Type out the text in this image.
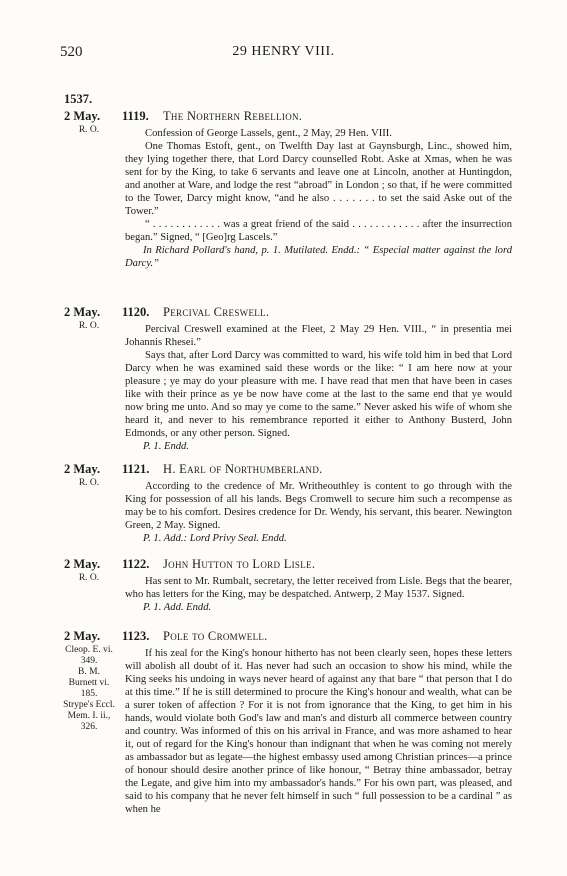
520	29 HENRY VIII.
1537.
2 May.
R. O.
1119. The Northern Rebellion.

Confession of George Lassels, gent., 2 May, 29 Hen. VIII.

One Thomas Estoft, gent., on Twelfth Day last at Gaynsburgh, Linc., showed him, they lying together there, that Lord Darcy counselled Robt. Aske at Xmas, when he was sent for by the King, to take 6 servants and leave one at Lincoln, another at Huntingdon, and another at Ware, and lodge the rest “abroad” in London ; so that, if he were committed to the Tower, Darcy might know, “and he also . . . . . . . to set the said Aske out of the Tower.”

“ . . . . . . . . . . . . was a great friend of the said . . . . . . . . . . . . after the insurrection began.” Signed, “ [Geo]rg Lascels.”

In Richard Pollard's hand, p. 1. Mutilated. Endd.: “ Especial matter against the lord Darcy.”

2 May.
R. O.
1120. Percival Creswell.

Percival Creswell examined at the Fleet, 2 May 29 Hen. VIII., “ in presentia mei Johannis Rhesei.”

Says that, after Lord Darcy was committed to ward, his wife told him in bed that Lord Darcy when he was examined said these words or the like: “ I am here now at your pleasure ; ye may do your pleasure with me. I have read that men that have been in cases like with their prince as ye be now have come at the last to the same end that ye would now bring me unto. And so may ye come to the same.” Never asked his wife of whom she heard it, and never to his remembrance reported it either to Anthony Busterd, John Edmonds, or any other person. Signed.

P. 1. Endd.

2 May.
R. O.
1121. H. Earl of Northumberland.

According to the credence of Mr. Writheouthley is content to go through with the King for possession of all his lands. Begs Cromwell to secure him such a recompense as may be to his comfort. Desires credence for Dr. Wendy, his servant, this bearer. Newington Green, 2 May. Signed.

P. 1. Add.: Lord Privy Seal. Endd.

2 May.
R. O.
1122. John Hutton to Lord Lisle.

Has sent to Mr. Rumbalt, secretary, the letter received from Lisle. Begs that the bearer, who has letters for the King, may be despatched. Antwerp, 2 May 1537. Signed.

P. 1. Add. Endd.

2 May.
Cleop. E. vi.
349.
B. M.
Burnett vi.
185.
Strype's Eccl.
Mem. I. ii.,
326.
1123. Pole to Cromwell.

If his zeal for the King's honour hitherto has not been clearly seen, hopes these letters will abolish all doubt of it. Has never had such an occasion to show his mind, while the King seeks his undoing in ways never heard of against any that bare “ that person that I do at this time.” If he is still determined to procure the King's honour and wealth, what can be a surer token of affection ? For it is not from ignorance that the King, to get him in his hands, would violate both God's law and man's and disturb all commerce between country and country. Was informed of this on his arrival in France, and was more ashamed to hear it, out of regard for the King's honour than indignant that when he was coming not merely as ambassador but as legate—the highest embassy used among Christian princes—a prince of honour should desire another prince of like honour, “ Betray thine ambassador, betray the Legate, and give him into my ambassador's hands.” For his own part, was pleased, and said to his company that he never felt himself in such “ full possession to be a cardinal ” as when he
